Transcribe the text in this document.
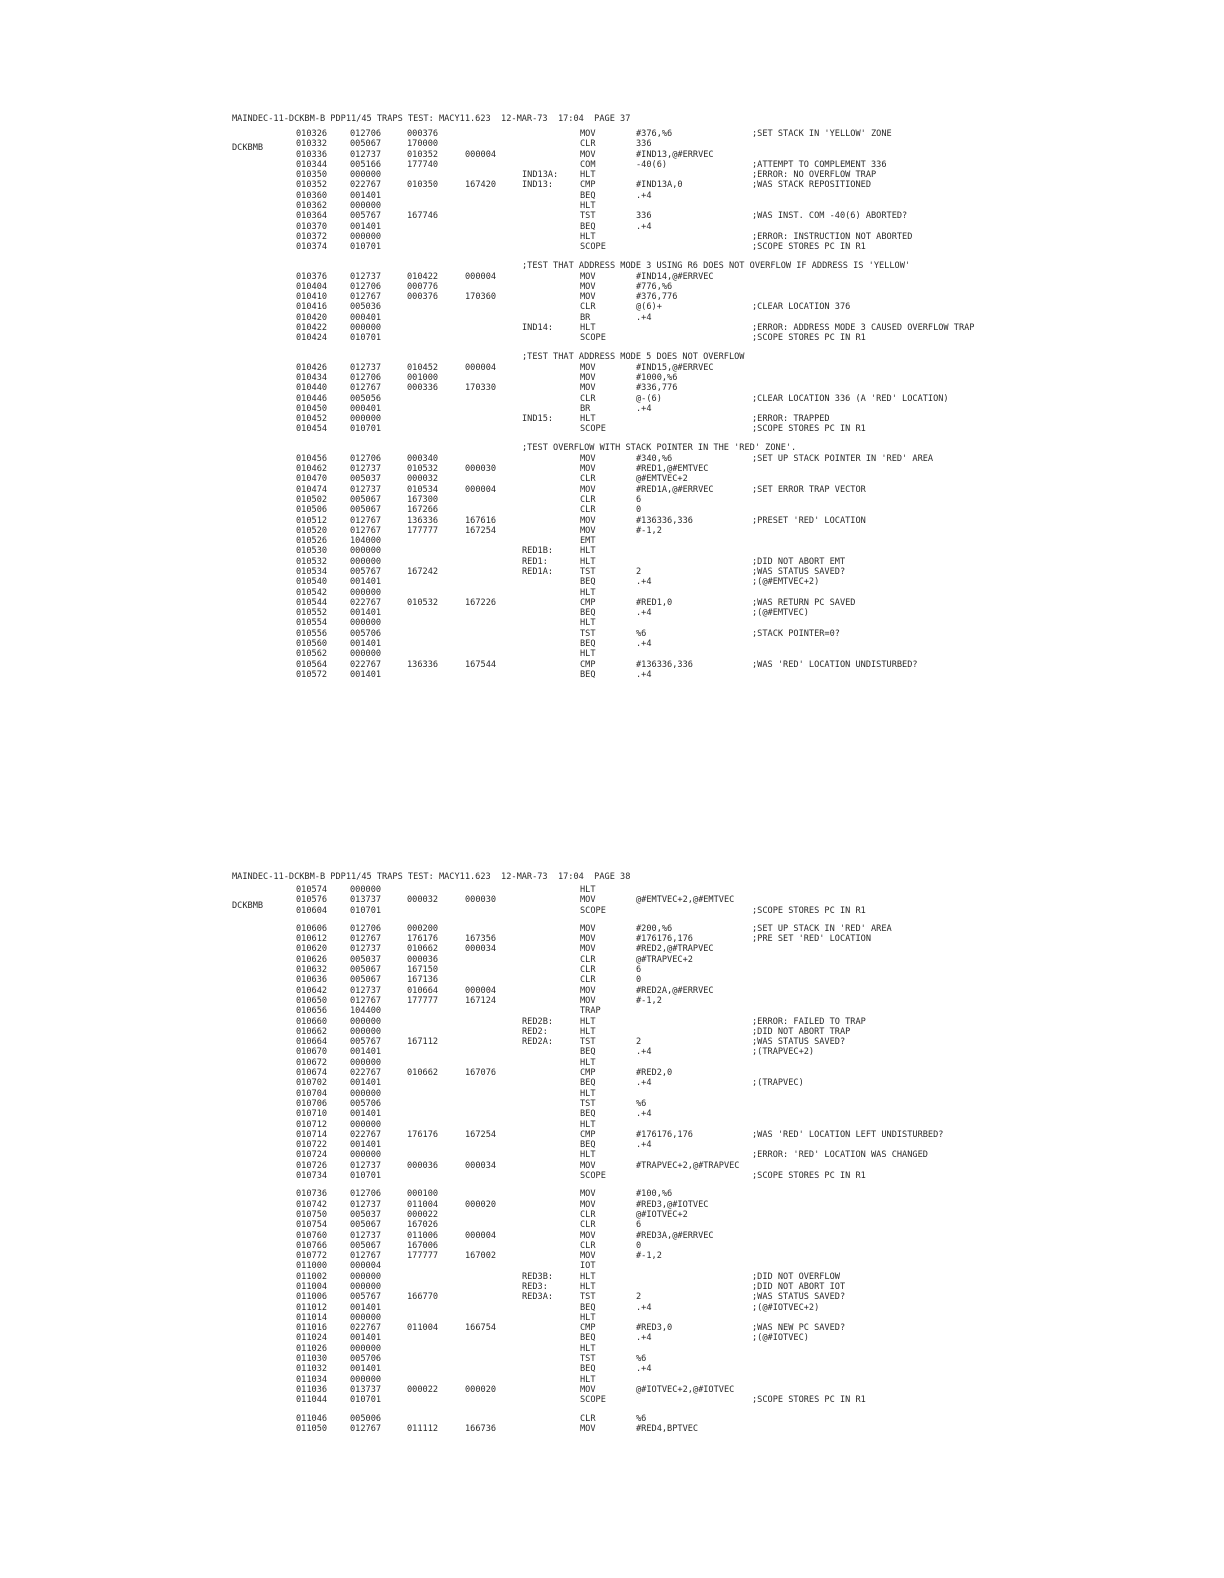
MAINDEC-11-DCKBM-B PDP11/45 TRAPS TEST: MACY11.623  12-MAR-73  17:04  PAGE 37

DCKBMB

010326	012706	000376	MOV	#376,%6	;SET STACK IN 'YELLOW' ZONE
010332	005067	170000	CLR	336
010336	012737	010352	000004	MOV	#IND13,@#ERRVEC
010344	005166	177740	COM	-40(6)	;ATTEMPT TO COMPLEMENT 336
010350	000000	IND13A:	HLT	;ERROR: NO OVERFLOW TRAP
010352	022767	010350	167420	IND13:	CMP	#IND13A,0	;WAS STACK REPOSITIONED
010360	001401	BEQ	.+4
010362	000000	HLT
010364	005767	167746	TST	336	;WAS INST. COM -40(6) ABORTED?
010370	001401	BEQ	.+4
010372	000000	HLT	;ERROR: INSTRUCTION NOT ABORTED
010374	010701	SCOPE	;SCOPE STORES PC IN R1
;TEST THAT ADDRESS MODE 3 USING R6 DOES NOT OVERFLOW IF ADDRESS IS 'YELLOW'
010376	012737	010422	000004	MOV	#IND14,@#ERRVEC
010404	012706	000776	MOV	#776,%6
010410	012767	000376	170360	MOV	#376,776
010416	005036	CLR	@(6)+	;CLEAR LOCATION 376
010420	000401	BR	.+4
010422	000000	IND14:	HLT	;ERROR: ADDRESS MODE 3 CAUSED OVERFLOW TRAP
010424	010701	SCOPE	;SCOPE STORES PC IN R1
;TEST THAT ADDRESS MODE 5 DOES NOT OVERFLOW
010426	012737	010452	000004	MOV	#IND15,@#ERRVEC
010434	012706	001000	MOV	#1000,%6
010440	012767	000336	170330	MOV	#336,776
010446	005056	CLR	@-(6)	;CLEAR LOCATION 336 (A 'RED' LOCATION)
010450	000401	BR	.+4
010452	000000	IND15:	HLT	;ERROR: TRAPPED
010454	010701	SCOPE	;SCOPE STORES PC IN R1
;TEST OVERFLOW WITH STACK POINTER IN THE 'RED' ZONE'.
010456	012706	000340	MOV	#340,%6	;SET UP STACK POINTER IN 'RED' AREA
010462	012737	010532	000030	MOV	#RED1,@#EMTVEC
010470	005037	000032	CLR	@#EMTVEC+2
010474	012737	010534	000004	MOV	#RED1A,@#ERRVEC	;SET ERROR TRAP VECTOR
010502	005067	167300	CLR	6
010506	005067	167266	CLR	0
010512	012767	136336	167616	MOV	#136336,336	;PRESET 'RED' LOCATION
010520	012767	177777	167254	MOV	#-1,2
010526	104000	EMT
010530	000000	RED1B:	HLT
010532	000000	RED1:	HLT	;DID NOT ABORT EMT
010534	005767	167242	RED1A:	TST	2	;WAS STATUS SAVED?
010540	001401	BEQ	.+4	;(@#EMTVEC+2)
010542	000000	HLT
010544	022767	010532	167226	CMP	#RED1,0	;WAS RETURN PC SAVED
010552	001401	BEQ	.+4	;(@#EMTVEC)
010554	000000	HLT
010556	005706	TST	%6	;STACK POINTER=0?
010560	001401	BEQ	.+4
010562	000000	HLT
010564	022767	136336	167544	CMP	#136336,336	;WAS 'RED' LOCATION UNDISTURBED?
010572	001401	BEQ	.+4

MAINDEC-11-DCKBM-B PDP11/45 TRAPS TEST: MACY11.623  12-MAR-73  17:04  PAGE 38

DCKBMB

010574	000000	HLT
010576	013737	000032	000030	MOV	@#EMTVEC+2,@#EMTVEC
010604	010701	SCOPE	;SCOPE STORES PC IN R1
010606	012706	000200	MOV	#200,%6	;SET UP STACK IN 'RED' AREA
010612	012767	176176	167356	MOV	#176176,176	;PRE SET 'RED' LOCATION
010620	012737	010662	000034	MOV	#RED2,@#TRAPVEC
010626	005037	000036	CLR	@#TRAPVEC+2
010632	005067	167150	CLR	6
010636	005067	167136	CLR	0
010642	012737	010664	000004	MOV	#RED2A,@#ERRVEC
010650	012767	177777	167124	MOV	#-1,2
010656	104400	TRAP
010660	000000	RED2B:	HLT	;ERROR: FAILED TO TRAP
010662	000000	RED2:	HLT	;DID NOT ABORT TRAP
010664	005767	167112	RED2A:	TST	2	;WAS STATUS SAVED?
010670	001401	BEQ	.+4	;(TRAPVEC+2)
010672	000000	HLT
010674	022767	010662	167076	CMP	#RED2,0
010702	001401	BEQ	.+4	;(TRAPVEC)
010704	000000	HLT
010706	005706	TST	%6
010710	001401	BEQ	.+4
010712	000000	HLT
010714	022767	176176	167254	CMP	#176176,176	;WAS 'RED' LOCATION LEFT UNDISTURBED?
010722	001401	BEQ	.+4
010724	000000	HLT	;ERROR: 'RED' LOCATION WAS CHANGED
010726	012737	000036	000034	MOV	#TRAPVEC+2,@#TRAPVEC
010734	010701	SCOPE	;SCOPE STORES PC IN R1
010736	012706	000100	MOV	#100,%6
010742	012737	011004	000020	MOV	#RED3,@#IOTVEC
010750	005037	000022	CLR	@#IOTVEC+2
010754	005067	167026	CLR	6
010760	012737	011006	000004	MOV	#RED3A,@#ERRVEC
010766	005067	167006	CLR	0
010772	012767	177777	167002	MOV	#-1,2
011000	000004	IOT
011002	000000	RED3B:	HLT	;DID NOT OVERFLOW
011004	000000	RED3:	HLT	;DID NOT ABORT IOT
011006	005767	166770	RED3A:	TST	2	;WAS STATUS SAVED?
011012	001401	BEQ	.+4	;(@#IOTVEC+2)
011014	000000	HLT
011016	022767	011004	166754	CMP	#RED3,0	;WAS NEW PC SAVED?
011024	001401	BEQ	.+4	;(@#IOTVEC)
011026	000000	HLT
011030	005706	TST	%6
011032	001401	BEQ	.+4
011034	000000	HLT
011036	013737	000022	000020	MOV	@#IOTVEC+2,@#IOTVEC
011044	010701	SCOPE	;SCOPE STORES PC IN R1
011046	005006	CLR	%6
011050	012767	011112	166736	MOV	#RED4,BPTVEC
